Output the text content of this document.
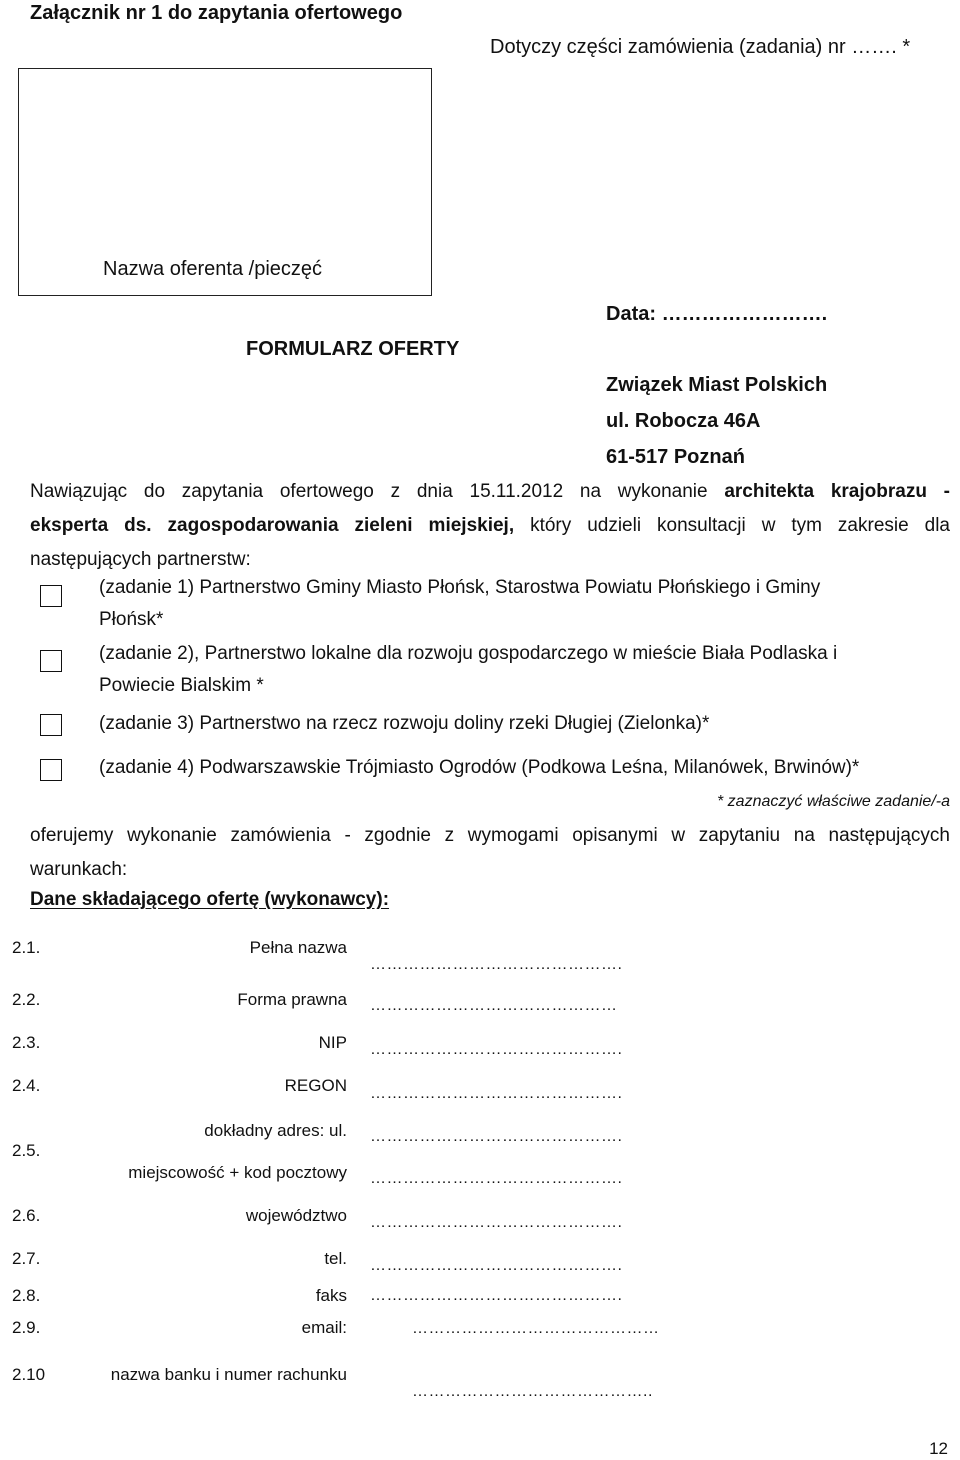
Załącznik nr 1 do zapytania ofertowego
Dotyczy części zamówienia (zadania) nr ……. *
Nazwa oferenta /pieczęć
Data: …………………….
FORMULARZ OFERTY
Związek Miast Polskich
ul. Robocza 46A
61-517 Poznań
Nawiązując do zapytania ofertowego z dnia 15.11.2012 na wykonanie architekta krajobrazu -
eksperta ds. zagospodarowania zieleni miejskiej, który udzieli konsultacji w tym zakresie dla
następujących partnerstw:
(zadanie 1) Partnerstwo Gminy Miasto Płońsk, Starostwa Powiatu Płońskiego i Gminy
Płońsk*
(zadanie 2), Partnerstwo lokalne dla rozwoju gospodarczego w mieście Biała Podlaska i
Powiecie Bialskim *
(zadanie 3) Partnerstwo na rzecz rozwoju doliny rzeki Długiej (Zielonka)*
(zadanie 4) Podwarszawskie Trójmiasto Ogrodów (Podkowa Leśna, Milanówek, Brwinów)*
* zaznaczyć właściwe zadanie/-a
oferujemy wykonanie zamówienia - zgodnie z wymogami opisanymi w zapytaniu na następujących
warunkach:
Dane składającego ofertę (wykonawcy):
2.1.	Pełna nazwa
……………………………………….
2.2.	Forma prawna ………………………………………
2.3.	NIP ……………………………………….
2.4.	REGON ……………………………………….
2.5.
dokładny adres: ul. ……………………………………….
miejscowość + kod pocztowy ……………………………………….
2.6.	województwo ……………………………………….
2.7.	tel. ……………………………………….
2.8.	faks ……………………………………….
2.9.	email:	………………………………………
2.10	nazwa banku i numer rachunku
……………………………………..
12
